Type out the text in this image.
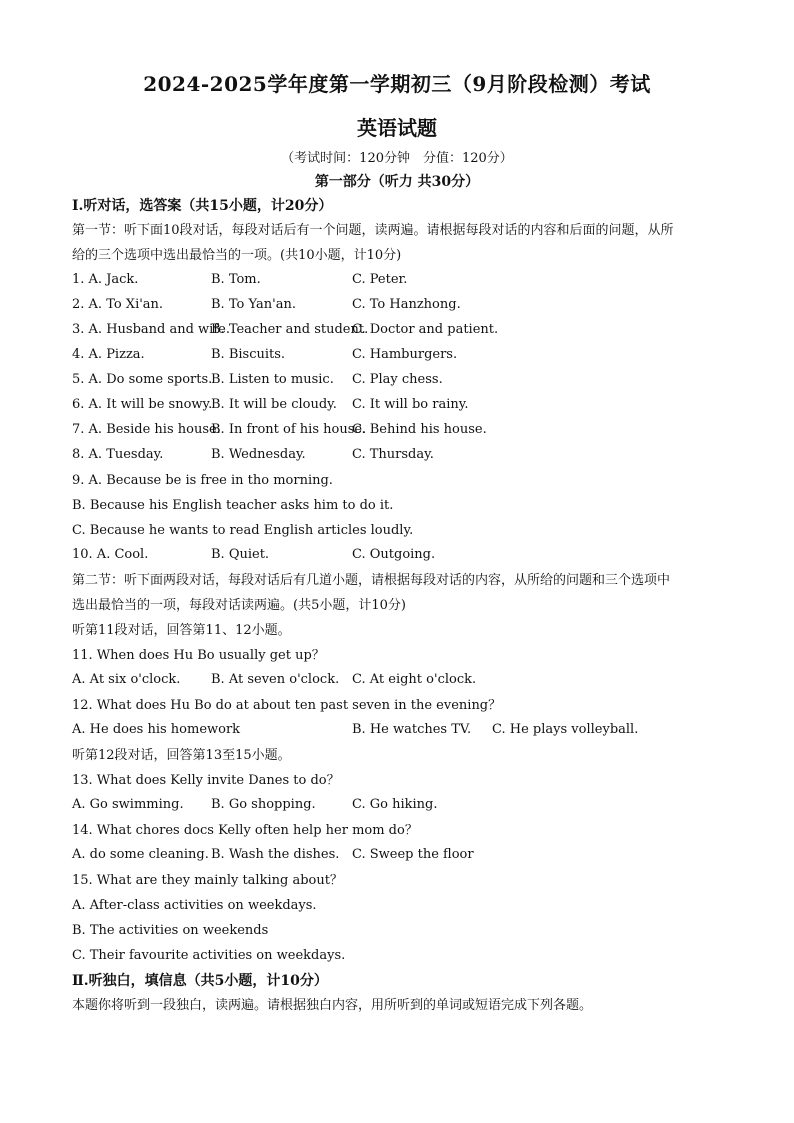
2024-2025学年度第一学期初三（9月阶段检测）考试
英语试题
（考试时间：120分钟　分值：120分）
第一部分（听力 共30分）
Ⅰ.听对话，选答案（共15小题，计20分）
第一节：听下面10段对话，每段对话后有一个问题，读两遍。请根据每段对话的内容和后面的问题，从所
给的三个选项中选出最恰当的一项。(共10小题，计10分)
1. A. Jack.	B. Tom.	C. Peter.
2. A. To Xi'an.	B. To Yan'an.	C. To Hanzhong.
3. A. Husband and wife.
B. Teacher and student.
C. Doctor and patient.
4. A. Pizza.	B. Biscuits.	C. Hamburgers.
5. A. Do some sports.
B. Listen to music. C. Play chess.
6. A. It will be snowy.
B. It will be cloudy. C. It will bo rainy.
7. A. Beside his house.
B. In front of his house.
C. Behind his house.
8. A. Tuesday.	B. Wednesday.	C. Thursday.
9. A. Because be is free in tho morning.
B. Because his English teacher asks him to do it.
C. Because he wants to read English articles loudly.
10. A. Cool.	B. Quiet.	C. Outgoing.
第二节：听下面两段对话，每段对话后有几道小题，请根据每段对话的内容，从所给的问题和三个选项中
选出最恰当的一项，每段对话读两遍。(共5小题，计10分)
听第11段对话，回答第11、12小题。
11. When does Hu Bo usually get up？
A. At six o'clock. B. At seven o'clock. C. At eight o'clock.
12. What does Hu Bo do at about ten past seven in the evening？
A. He does his homework	B. He watches TV. C. He plays volleyball.
听第12段对话，回答第13至15小题。
13. What does Kelly invite Danes to do？
A. Go swimming. B. Go shopping.	C. Go hiking.
14. What chores docs Kelly often help her mom do？
A. do some cleaning. B. Wash the dishes. C. Sweep the floor
15. What are they mainly talking about？
A. After-class activities on weekdays.
B. The activities on weekends
C. Their favourite activities on weekdays.
Ⅱ.听独白，填信息（共5小题，计10分）
本题你将听到一段独白，读两遍。请根据独白内容，用所听到的单词或短语完成下列各题。
